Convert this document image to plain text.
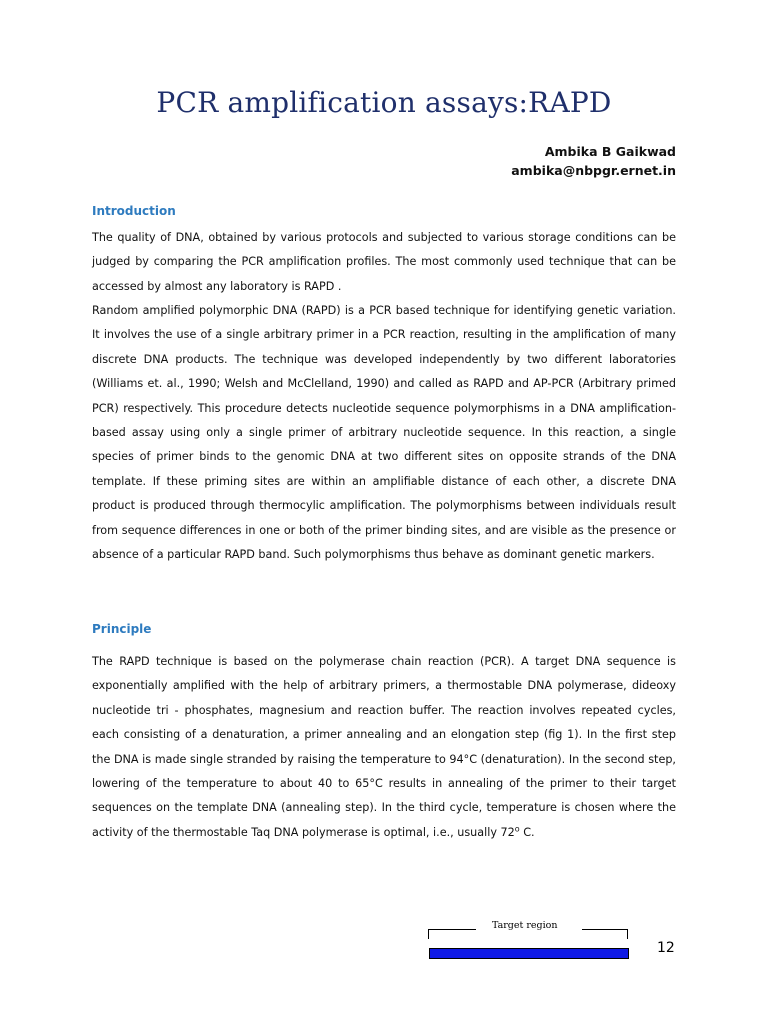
PCR amplification assays:RAPD
Ambika B Gaikwad
ambika@nbpgr.ernet.in
Introduction

The quality of DNA, obtained by various protocols and subjected to various storage conditions can be judged by comparing the PCR amplification profiles. The most commonly used technique that can be accessed by almost any laboratory is RAPD .

Random amplified polymorphic DNA (RAPD) is a PCR based technique for identifying genetic variation. It involves the use of a single arbitrary primer in a PCR reaction, resulting in the amplification of many discrete DNA products. The technique was developed independently by two different laboratories (Williams et. al., 1990; Welsh and McClelland, 1990) and called as RAPD and AP-PCR (Arbitrary primed PCR) respectively. This procedure detects nucleotide sequence polymorphisms in a DNA amplification-based assay using only a single primer of arbitrary nucleotide sequence. In this reaction, a single species of primer binds to the genomic DNA at two different sites on opposite strands of the DNA template. If these priming sites are within an amplifiable distance of each other, a discrete DNA product is produced through thermocylic amplification. The polymorphisms between individuals result from sequence differences in one or both of the primer binding sites, and are visible as the presence or absence of a particular RAPD band. Such polymorphisms thus behave as dominant genetic markers.

Principle

The RAPD technique is based on the polymerase chain reaction (PCR). A target DNA sequence is exponentially amplified with the help of arbitrary primers, a thermostable DNA polymerase, dideoxy nucleotide tri - phosphates, magnesium and reaction buffer. The reaction involves repeated cycles, each consisting of a denaturation, a primer annealing and an elongation step (fig 1). In the first step the DNA is made single stranded by raising the temperature to 94°C (denaturation). In the second step, lowering of the temperature to about 40 to 65°C results in annealing of the primer to their target sequences on the template DNA (annealing step). In the third cycle, temperature is chosen where the activity of the thermostable Taq DNA polymerase is optimal, i.e., usually 72$^o$ C.

Target region
12
